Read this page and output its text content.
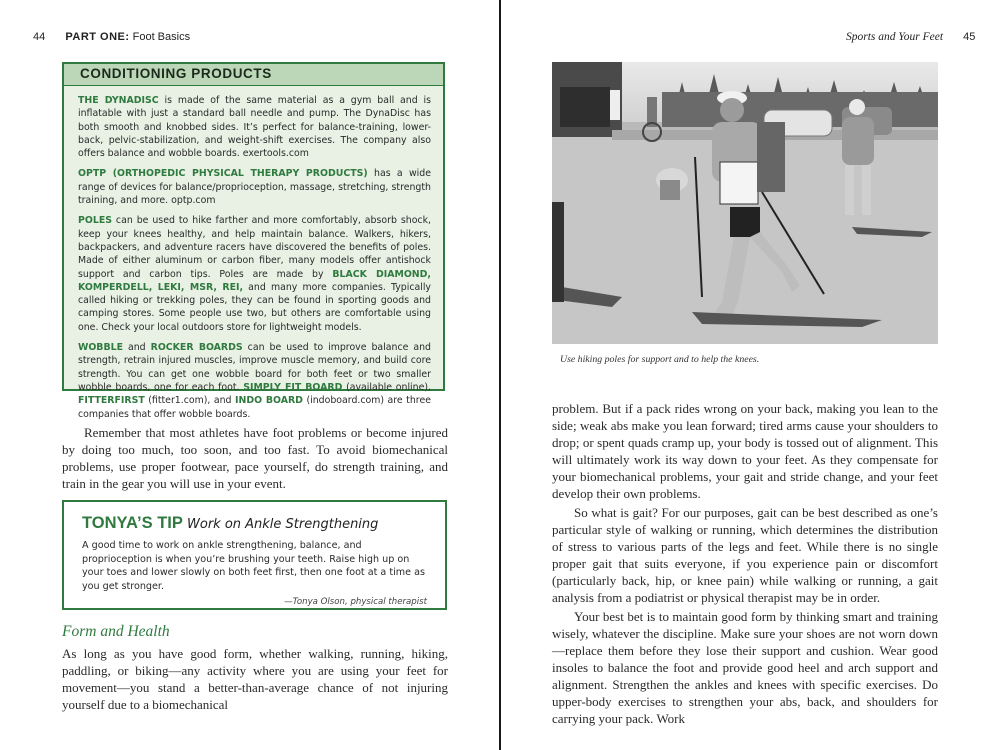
44 PART ONE: Foot Basics
CONDITIONING PRODUCTS

THE DYNADISC is made of the same material as a gym ball and is inflatable with just a standard ball needle and pump. The DynaDisc has both smooth and knobbed sides. It’s perfect for balance-training, lower-back, pelvic-stabilization, and weight-shift exercises. The company also offers balance and wobble boards. exertools.com

OPTP (ORTHOPEDIC PHYSICAL THERAPY PRODUCTS) has a wide range of devices for balance/proprioception, massage, stretching, strength training, and more. optp.com

POLES can be used to hike farther and more comfortably, absorb shock, keep your knees healthy, and help maintain balance. Walkers, hikers, backpackers, and adventure racers have discovered the benefits of poles. Made of either aluminum or carbon fiber, many models offer antishock support and carbon tips. Poles are made by BLACK DIAMOND, KOMPERDELL, LEKI, MSR, REI, and many more companies. Typically called hiking or trekking poles, they can be found in sporting goods and camping stores. Some people use two, but others are comfortable using one. Check your local outdoors store for lightweight models.

WOBBLE and ROCKER BOARDS can be used to improve balance and strength, retrain injured muscles, improve muscle memory, and build core strength. You can get one wobble board for both feet or two smaller wobble boards, one for each foot. SIMPLY FIT BOARD (available online), FITTERFIRST (fitter1.com), and INDO BOARD (indoboard.com) are three companies that offer wobble boards.

Remember that most athletes have foot problems or become injured by doing too much, too soon, and too fast. To avoid biomechanical problems, use proper footwear, pace yourself, do strength training, and train in the gear you will use in your event.

TONYA’S TIP Work on Ankle Strengthening

A good time to work on ankle strengthening, balance, and proprioception is when you’re brushing your teeth. Raise high up on your toes and lower slowly on both feet first, then one foot at a time as you get stronger.

—Tonya Olson, physical therapist
Form and Health

As long as you have good form, whether walking, running, hiking, paddling, or biking—any activity where you are using your feet for movement—you stand a better-than-average chance of not injuring yourself due to a biomechanical

Sports and Your Feet 45
Use hiking poles for support and to help the knees.

problem. But if a pack rides wrong on your back, making you lean to the side; weak abs make you lean forward; tired arms cause your shoulders to drop; or spent quads cramp up, your body is tossed out of alignment. This will ultimately work its way down to your feet. As they compensate for your biomechanical problems, your gait and stride change, and your feet develop their own problems.

So what is gait? For our purposes, gait can be best described as one’s particular style of walking or running, which determines the distribution of stress to various parts of the legs and feet. While there is no single proper gait that suits everyone, if you experience pain or discomfort (particularly back, hip, or knee pain) while walking or running, a gait analysis from a podiatrist or physical therapist may be in order.

Your best bet is to maintain good form by thinking smart and training wisely, whatever the discipline. Make sure your shoes are not worn down—replace them before they lose their support and cushion. Wear good insoles to balance the foot and provide good heel and arch support and alignment. Strengthen the ankles and knees with specific exercises. Do upper-body exercises to strengthen your abs, back, and shoulders for carrying your pack. Work
